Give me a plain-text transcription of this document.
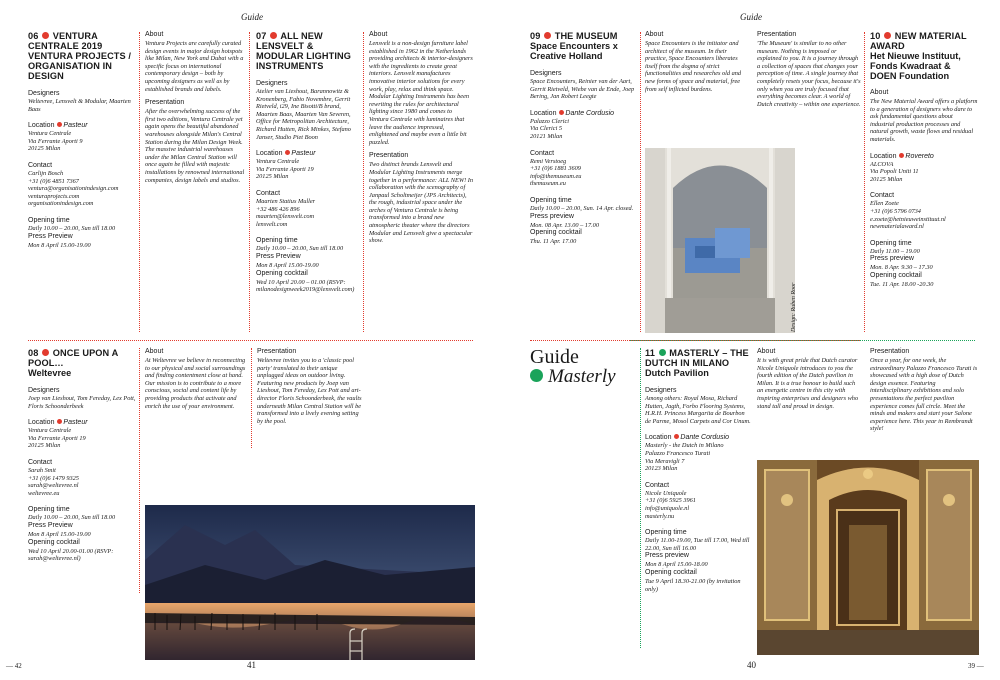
Guide	Guide
06 VENTURA CENTRALE 2019 VENTURA PROJECTS / ORGANISATION IN DESIGN
Designers
Weltevree, Lensvelt & Modular, Maarten Baas
Location Pasteur
Ventura Centrale
Via Ferrante Aporti 9
20125 Milan
Contact
Carlijn Bosch
+31 (0)6 4851 7367
ventura@organisationindesign.com
venturaprojects.com
organisationindesign.com
Opening time
Daily 10.00 – 20.00, Sun till 18.00
Press Preview
Mon 8 April 15.00-19.00
About
Ventura Projects are carefully curated design events in major design hotspots like Milan, New York and Dubai with a specific focus on international contemporary design – both by upcoming designers as well as by established brands and labels.
Presentation
After the overwhelming success of the first two editions, Ventura Centrale yet again opens the beautiful abandoned warehouses alongside Milan's Central Station during the Milan Design Week. The massive industrial warehouses under the Milan Central Station will once again be filled with majestic installations by renowned international companies, design labels and studios.
07 ALL NEW LENSVELT & MODULAR LIGHTING INSTRUMENTS
Designers
Atelier van Lieshout, Barannowitz & Kronenberg, Fabio Novembre, Gerrit Rietveld, i29, Ine Bisotti/B brand, Maarten Baas, Maarten Van Severen, Office for Metropolitan Architecture, Richard Hutten, Rick Minkes, Stefano Janser, Studio Piet Boon
Location Pasteur
Ventura Centrale
Via Ferrante Aporti 19
20125 Milan
Contact
Maarten Statius Muller
+32 486 426 896
maarten@lensvelt.com
lensvelt.com
Opening time
Daily 10.00 – 20.00, Sun till 18.00
Press Preview
Mon 8 April 15.00-19.00
Opening cocktail
Wed 10 April 20.00 – 01.00 (RSVP: milanodesignweek2019@lensvelt.com)
About
Lensvelt is a non-design furniture label established in 1962 in the Netherlands providing architects & interior-designers with the ingredients to create great interiors. Lensvelt manufactures innovative interior solutions for every work, play, relax and think space. Modular Lighting Instruments has been rewriting the rules for architectural lighting since 1980 and comes to Ventura Centrale with luminaires that leave the audience impressed, enlightened and maybe even a little bit puzzled.
Presentation
Two distinct brands Lensvelt and Modular Lighting Instruments merge together in a performance: ALL NEW! In collaboration with the scenography of Janpaul Scholtmeijer (JPS Architects), the rough, industrial space under the arches of Ventura Centrale is being transformed into a brand new atmospheric theater where the directors Modular and Lensvelt give a spectacular show.
08 ONCE UPON A POOL…
Weltevree
Designers
Joep van Lieshout, Tom Fereday, Lex Pott, Floris Schoonderbeek
Location Pasteur
Ventura Centrale
Via Ferrante Aporti 19
20125 Milan
Contact
Sarah Smit
+31 (0)6 1479 9325
sarah@weltevree.nl
weltevree.eu
Opening time
Daily 10.00 – 20.00, Sun till 18.00
Press Preview
Mon 8 April 15.00-19.00
Opening cocktail
Wed 10 April 20.00-01.00 (RSVP: sarah@weltevree.nl)
About
At Weltevree we believe in reconnecting to our physical and social surroundings and finding contentment close at hand. Our mission is to contribute to a more conscious, social and content life by providing products that activate and enrich the use of your environment.
Presentation
Weltevree invites you to a 'classic pool party' translated to their unique unplugged ideas on outdoor living. Featuring new products by Joep van Lieshout, Tom Fereday, Lex Pott and art-director Floris Schoonderbeek, the vaults underneath Milan Central Station will be transformed into a lively evening setting by the pool.
09 THE MUSEUM
Space Encounters x Creative Holland
Designers
Space Encounters, Reinier van der Aart, Gerrit Rietveld, Wiebe van de Ende, Joep Bering, Jan Robert Leegte
Location Dante Cordusio
Palazzo Clerici
Via Clerici 5
20121 Milan
Contact
Remi Verstoeg
+31 (0)6 1881 3609
info@themuseum.eu
themuseum.eu
Opening time
Daily 10.00 – 20.00, Sun. 14 Apr. closed.
Press preview
Mon. 08 Apr. 13.00 – 17.00
Opening cocktail
Thu. 11 Apr. 17.00
About
Space Encounters is the initiator and architect of the museum. In their practice, Space Encounters liberates itself from the dogma of strict functionalities and researches old and new forms of space and material, free from self inflicted burdens.
Presentation
'The Museum' is similar to no other museum. Nothing is imposed or explained to you. It is a journey through a collection of spaces that changes your perception of time. A single journey that completely resets your focus, because it's only when you are truly focused that everything becomes clear. A world of Dutch creativity – within one experience.
Design: Ruben Roor
10 NEW MATERIAL AWARD
Het Nieuwe Instituut, Fonds Kwadraat & DOEN Foundation
About
The New Material Award offers a platform to a generation of designers who dare to ask fundamental questions about industrial production processes and natural growth, waste flows and residual materials.
Location Rovereto
ALCOVA
Via Popoli Uniti 11
20125 Milan
Contact
Ellen Zoete
+31 (0)6 5796 0734
e.zoete@hetnieuweinstituut.nl
newmaterialaward.nl
Opening time
Daily 11.00 – 19.00
Press preview
Mon. 8 Apr. 9.30 – 17.30
Opening cocktail
Tue. 11 Apr. 18.00 -20.30
Guide
Masterly
11 MASTERLY – THE DUTCH IN MILANO
Dutch Pavilion
Designers
Among others: Royal Mosa, Richard Hutten, Jagth, Forbo Flooring Systems, H.R.H. Princess Margarita de Bourbon de Parme, Mosol Carpets and Cor Unum.
Location Dante Cordusio
Masterly - the Dutch in Milano
Palazzo Francesco Turati
Via Meravigli 7
20123 Milan
Contact
Nicole Uniquole
+31 (0)6 5925 3961
info@uniquole.nl
masterly.nu
Opening time
Daily 11.00-19.00, Tue till 17.00, Wed till 22.00, Sun till 16.00
Press preview
Mon 8 April 15.00-18.00
Opening cocktail
Tue 9 April 18.30-21.00 (by invitation only)
About
It is with great pride that Dutch curator Nicole Uniquole introduces to you the fourth edition of the Dutch pavilion in Milan. It is a true honour to build such an energetic centre in this city with inspiring enterprises and designers who stand tall and proud in design.
Presentation
Once a year, for one week, the extraordinary Palazzo Francesco Turati is showcased with a high dose of Dutch design essence. Featuring interdisciplinary exhibitions and solo presentations the perfect pavilion experience comes full circle. Meet the minds and makers and start your Salone experience here. This year in Rembrandt style!
— 42	41	40	39 —
